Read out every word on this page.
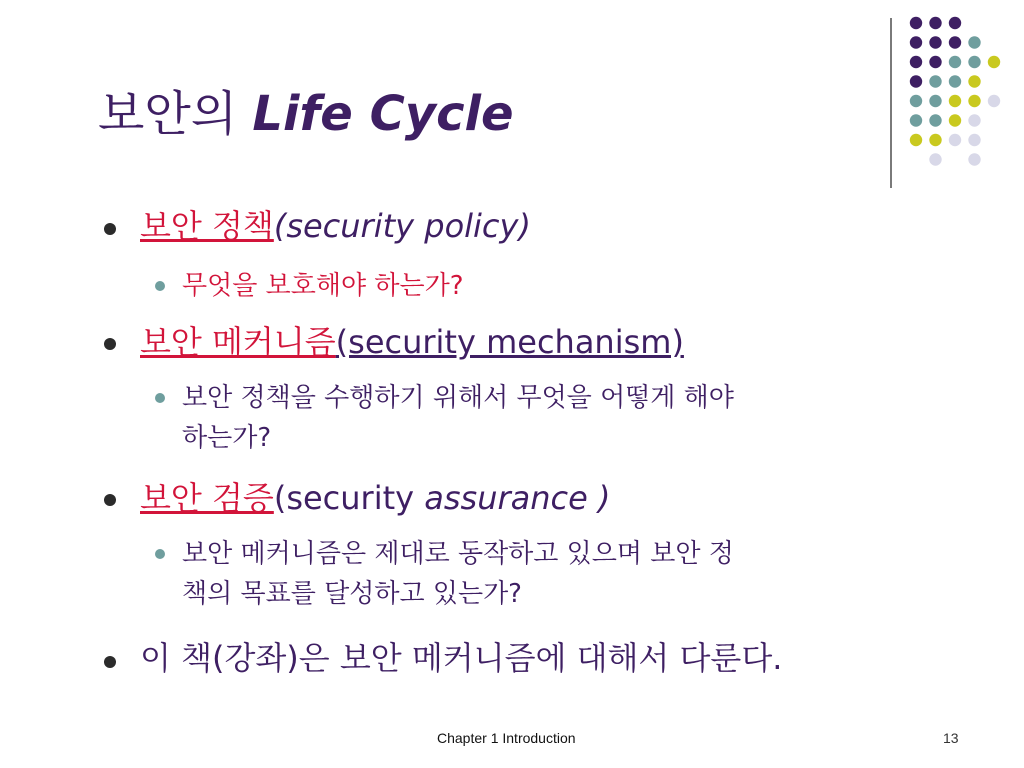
보안의 Life Cycle
보안 정책(security policy)
무엇을 보호해야 하는가?
보안 메커니즘(security mechanism)
보안 정책을 수행하기 위해서 무엇을 어떻게 해야
하는가?
보안 검증(security assurance )
보안 메커니즘은 제대로 동작하고 있으며 보안 정
책의 목표를 달성하고 있는가?
이 책(강좌)은 보안 메커니즘에 대해서 다룬다.
Chapter 1 Introduction	13
